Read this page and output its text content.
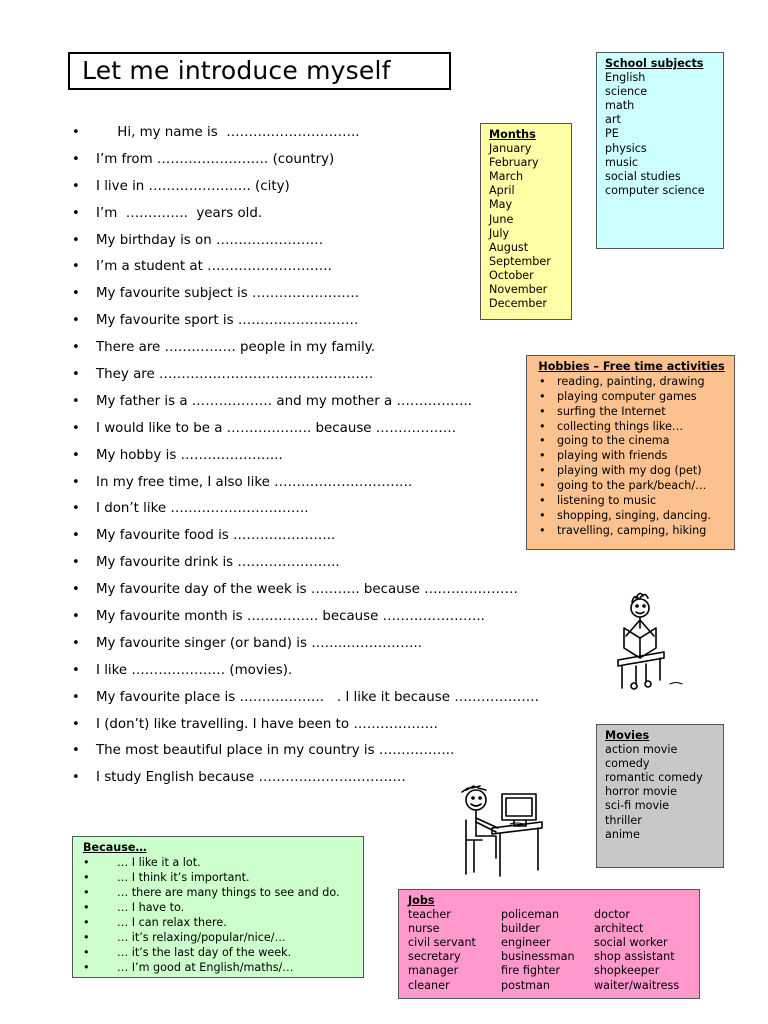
Let me introduce myself
• Hi, my name is  ……….………………..
• I’m from ……………………. (country)
• I live in ………………….. (city)
• I’m  …………..  years old.
• My birthday is on ……………………
• I’m a student at ……………………….
• My favourite subject is ……………………
• My favourite sport is ………………………
• There are ……………. people in my family.
• They are …………………………………………
• My father is a ……………… and my mother a ……………..
• I would like to be a ………………. because ………………
• My hobby is …………………..
• In my free time, I also like ………………………….
• I don’t like ………………………….
• My favourite food is …………………..
• My favourite drink is …………………..
• My favourite day of the week is ……….. because …………………
• My favourite month is ……………. because …………………..
• My favourite singer (or band) is ……..……………..
• I like ………………… (movies).
• My favourite place is ……………….   . I like it because ……………….
• I (don’t) like travelling. I have been to ……………….
• The most beautiful place in my country is ……………..
• I study English because ……………………………
Months
January
February
March
April
May
June
July
August
September
October
November
December
School subjects
English
science
math
art
PE
physics
music
social studies
computer science
Hobbies – Free time activities
• reading, painting, drawing
• playing computer games
• surfing the Internet
• collecting things like…
• going to the cinema
• playing with friends
• playing with my dog (pet)
• going to the park/beach/…
• listening to music
• shopping, singing, dancing.
• travelling, camping, hiking
Movies
action movie
comedy
romantic comedy
horror movie
sci-fi movie
thriller
anime
Because…
• … I like it a lot.
• … I think it’s important.
• … there are many things to see and do.
• … I have to.
• … I can relax there.
• … it’s relaxing/popular/nice/…
• … it’s the last day of the week.
• … I’m good at English/maths/…
Jobs
teacher
nurse
civil servant
secretary
manager
cleaner
policeman
builder
engineer
businessman
fire fighter
postman
doctor
architect
social worker
shop assistant
shopkeeper
waiter/waitress
